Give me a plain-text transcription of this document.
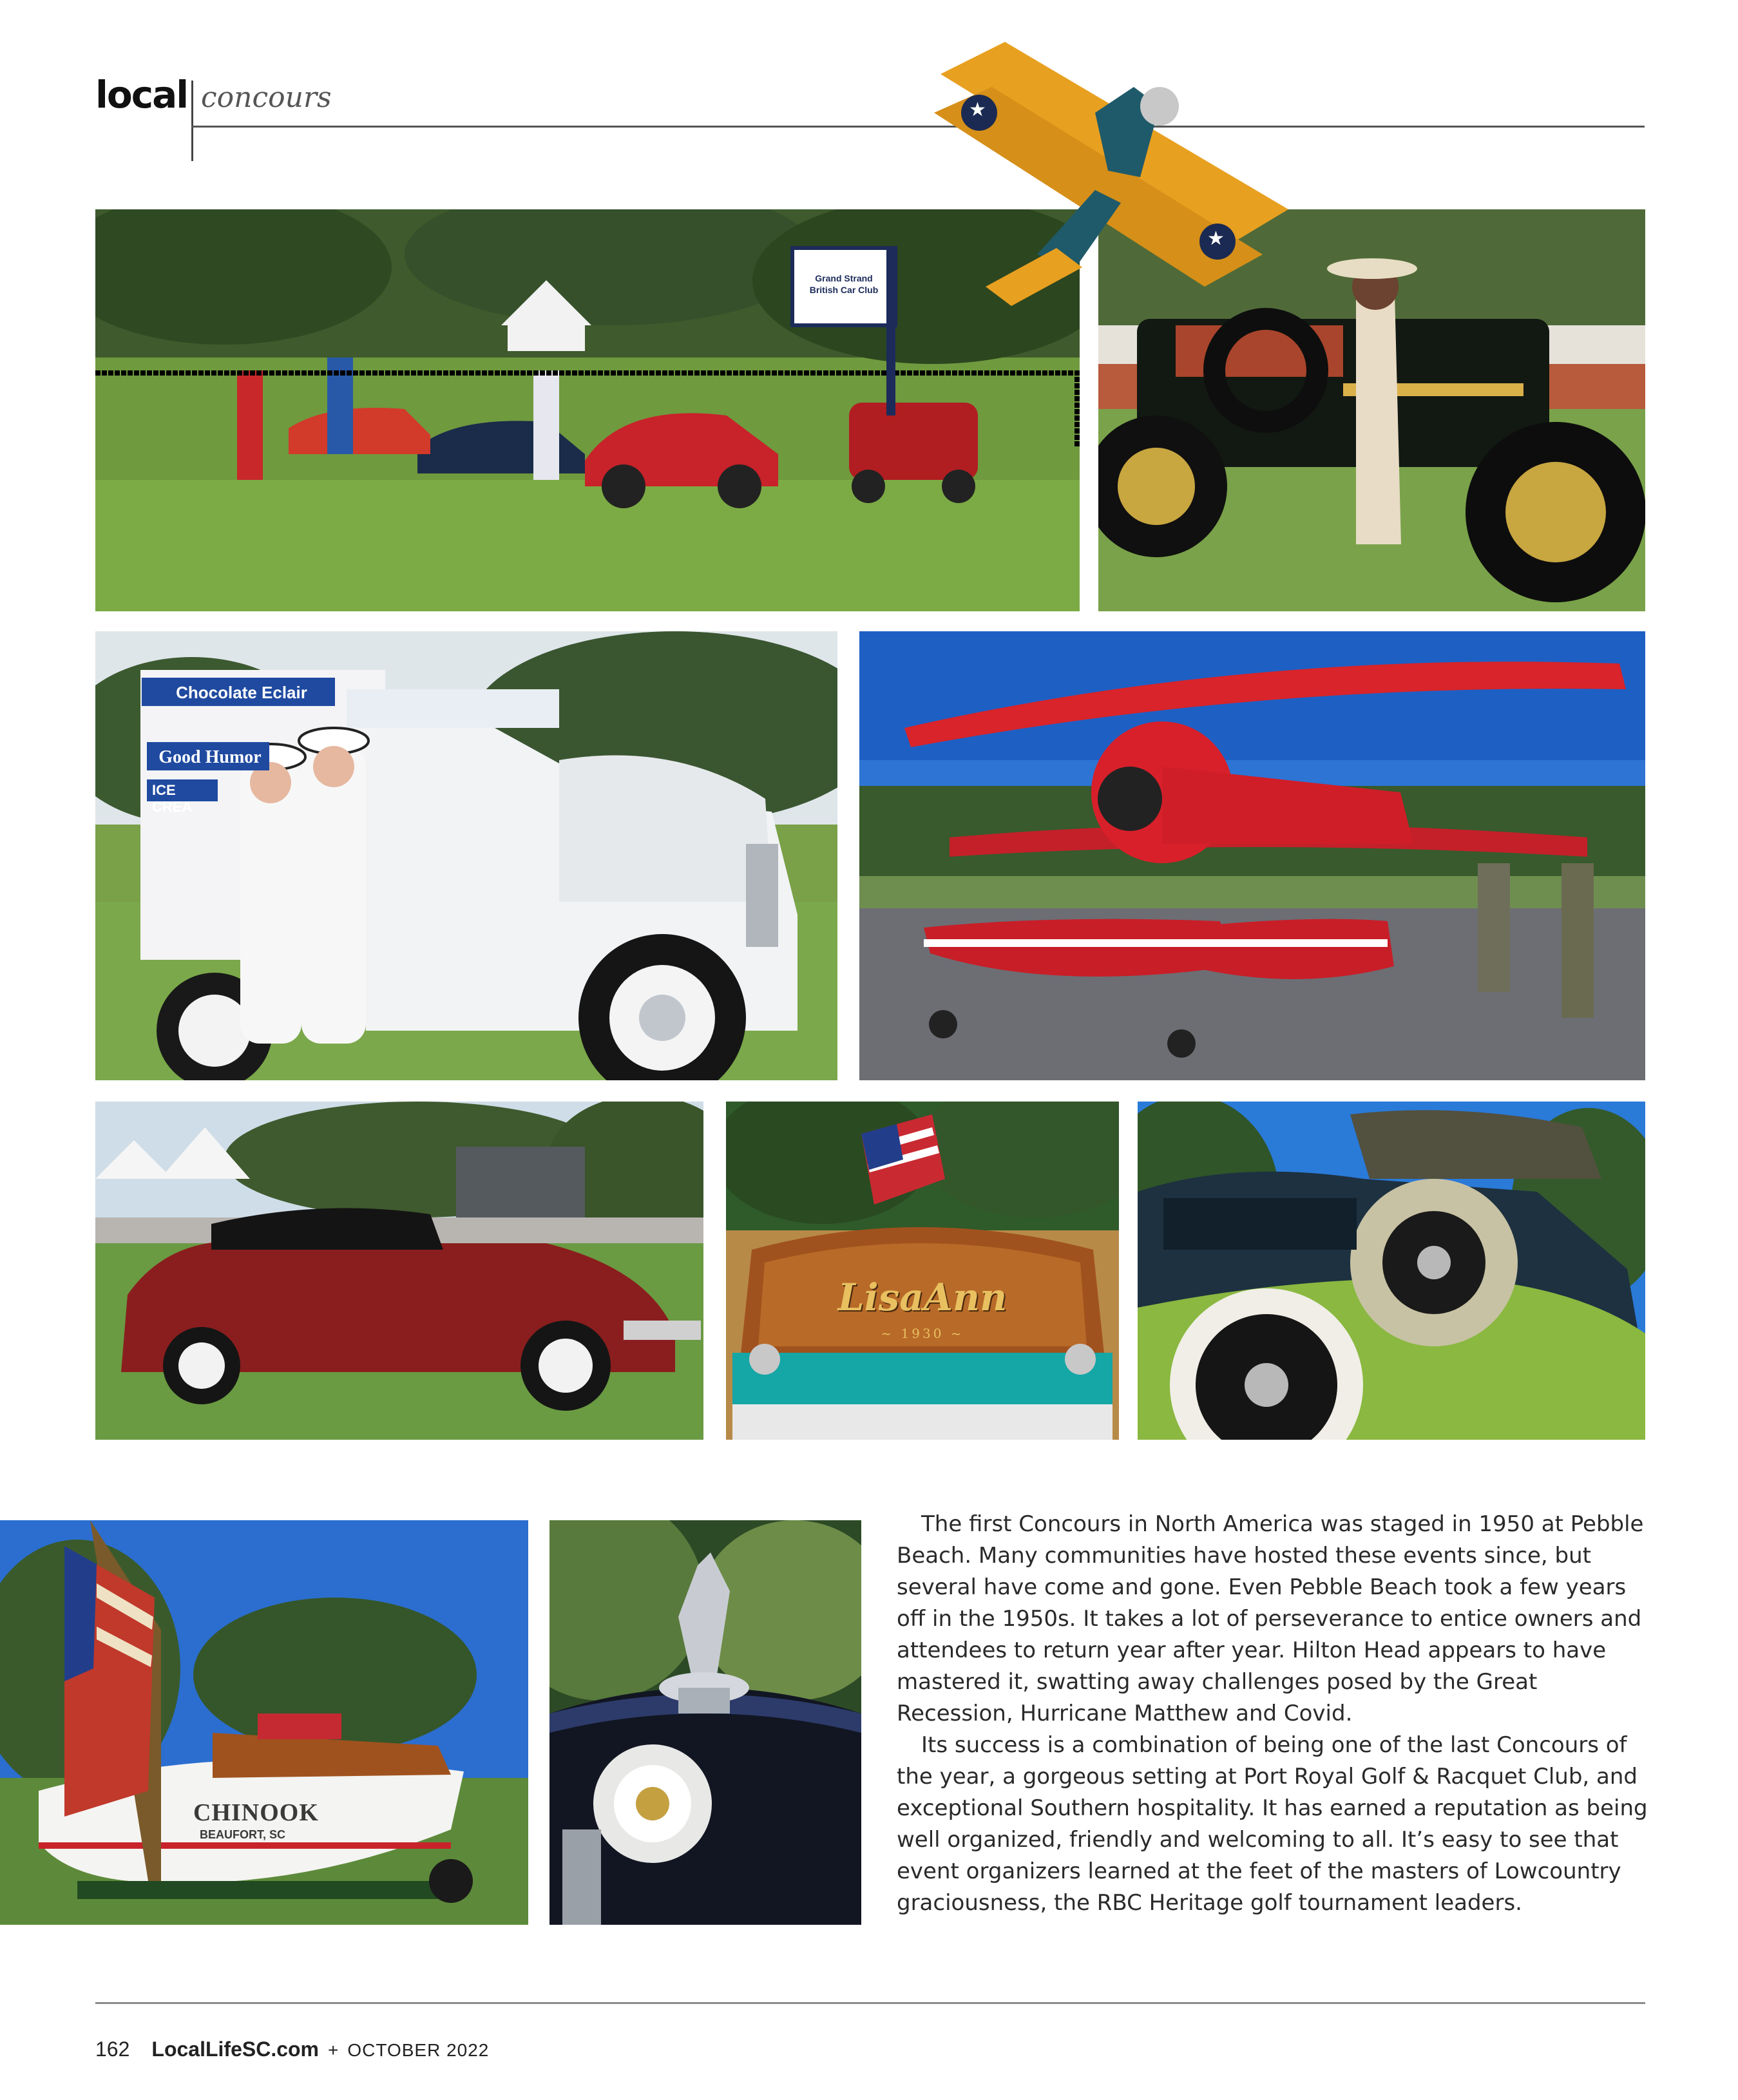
local concours
Grand Strand
British Car Club
Chocolate Eclair
Good Humor
ICE CREA
LisaAnn
~ 1930 ~
CHINOOK
BEAUFORT, SC
★
★

The first Concours in North America was staged in 1950 at Pebble Beach. Many communities have hosted these events since, but several have come and gone. Even Pebble Beach took a few years off in the 1950s. It takes a lot of perseverance to entice owners and attendees to return year after year. Hilton Head appears to have mastered it, swatting away challenges posed by the Great Recession, Hurricane Matthew and Covid.

Its success is a combination of being one of the last Concours of the year, a gorgeous setting at Port Royal Golf & Racquet Club, and exceptional Southern hospitality. It has earned a reputation as being well organized, friendly and welcoming to all. It’s easy to see that event organizers learned at the feet of the masters of Lowcountry graciousness, the RBC Heritage golf tournament leaders.

162 LocalLifeSC.com + OCTOBER 2022
